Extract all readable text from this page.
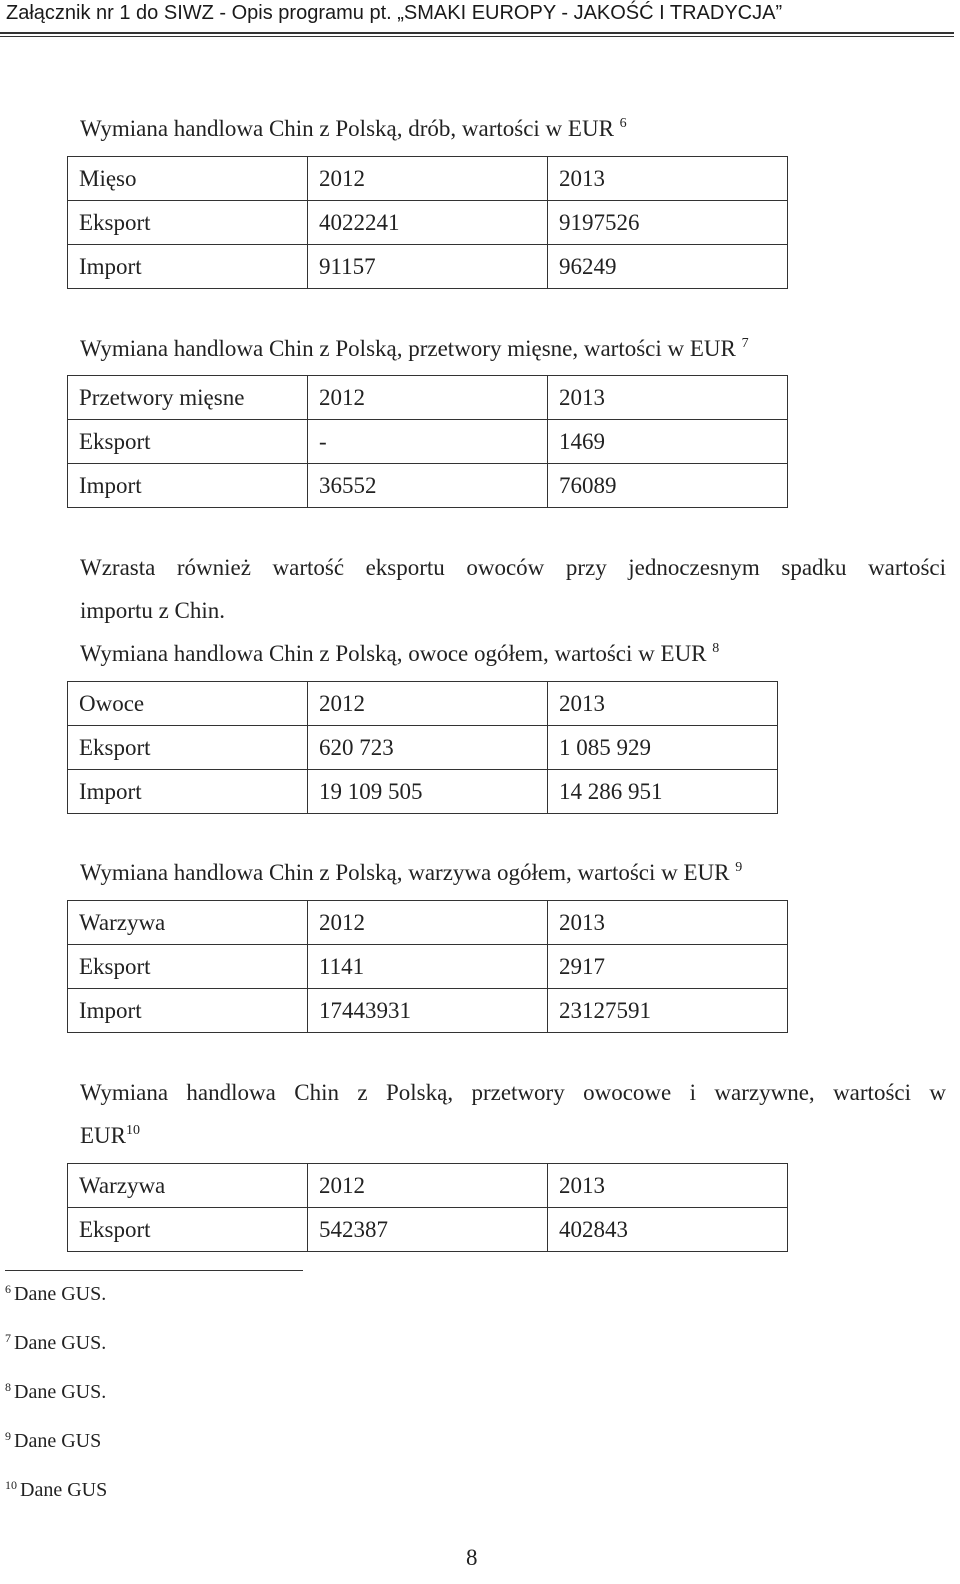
Załącznik nr 1 do SIWZ - Opis programu pt. „SMAKI EUROPY - JAKOŚĆ I TRADYCJA”
Wymiana handlowa Chin z Polską, drób, wartości w EUR $^6$
Mięso	2012	2013
Eksport	4022241	9197526
Import	91157	96249
Wymiana handlowa Chin z Polską, przetwory mięsne, wartości w EUR $^7$
Przetwory mięsne	2012	2013
Eksport	-	1469
Import	36552	76089
Wzrasta również wartość eksportu owoców przy jednoczesnym spadku wartości
importu z Chin.
Wymiana handlowa Chin z Polską, owoce ogółem, wartości w EUR $^8$
Owoce	2012	2013
Eksport	620 723	1 085 929
Import	19 109 505	14 286 951
Wymiana handlowa Chin z Polską, warzywa ogółem, wartości w EUR $^9$
Warzywa	2012	2013
Eksport	1141	2917
Import	17443931	23127591
Wymiana handlowa Chin z Polską, przetwory owocowe i warzywne, wartości w
EUR$^{10}$
Warzywa	2012	2013
Eksport	542387	402843
$^6$ Dane GUS.
$^7$ Dane GUS.
$^8$ Dane GUS.
$^9$ Dane GUS
$^{10}$ Dane GUS
8
